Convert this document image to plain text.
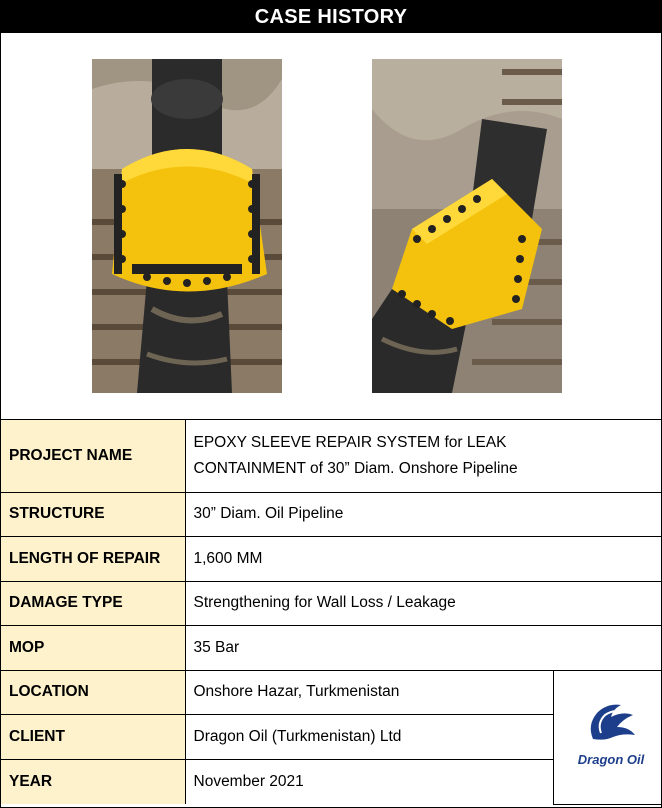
CASE HISTORY
PROJECT NAME	EPOXY SLEEVE REPAIR SYSTEM for LEAK
CONTAINMENT of 30” Diam. Onshore Pipeline	

STRUCTURE	30” Diam. Oil Pipeline	
LENGTH OF REPAIR	1,600 MM	
DAMAGE TYPE	Strengthening for Wall Loss / Leakage	
MOP	35 Bar	
LOCATION	Onshore Hazar, Turkmenistan	Dragon Oil

CLIENT	Dragon Oil (Turkmenistan) Ltd	
YEAR	November 2021	
